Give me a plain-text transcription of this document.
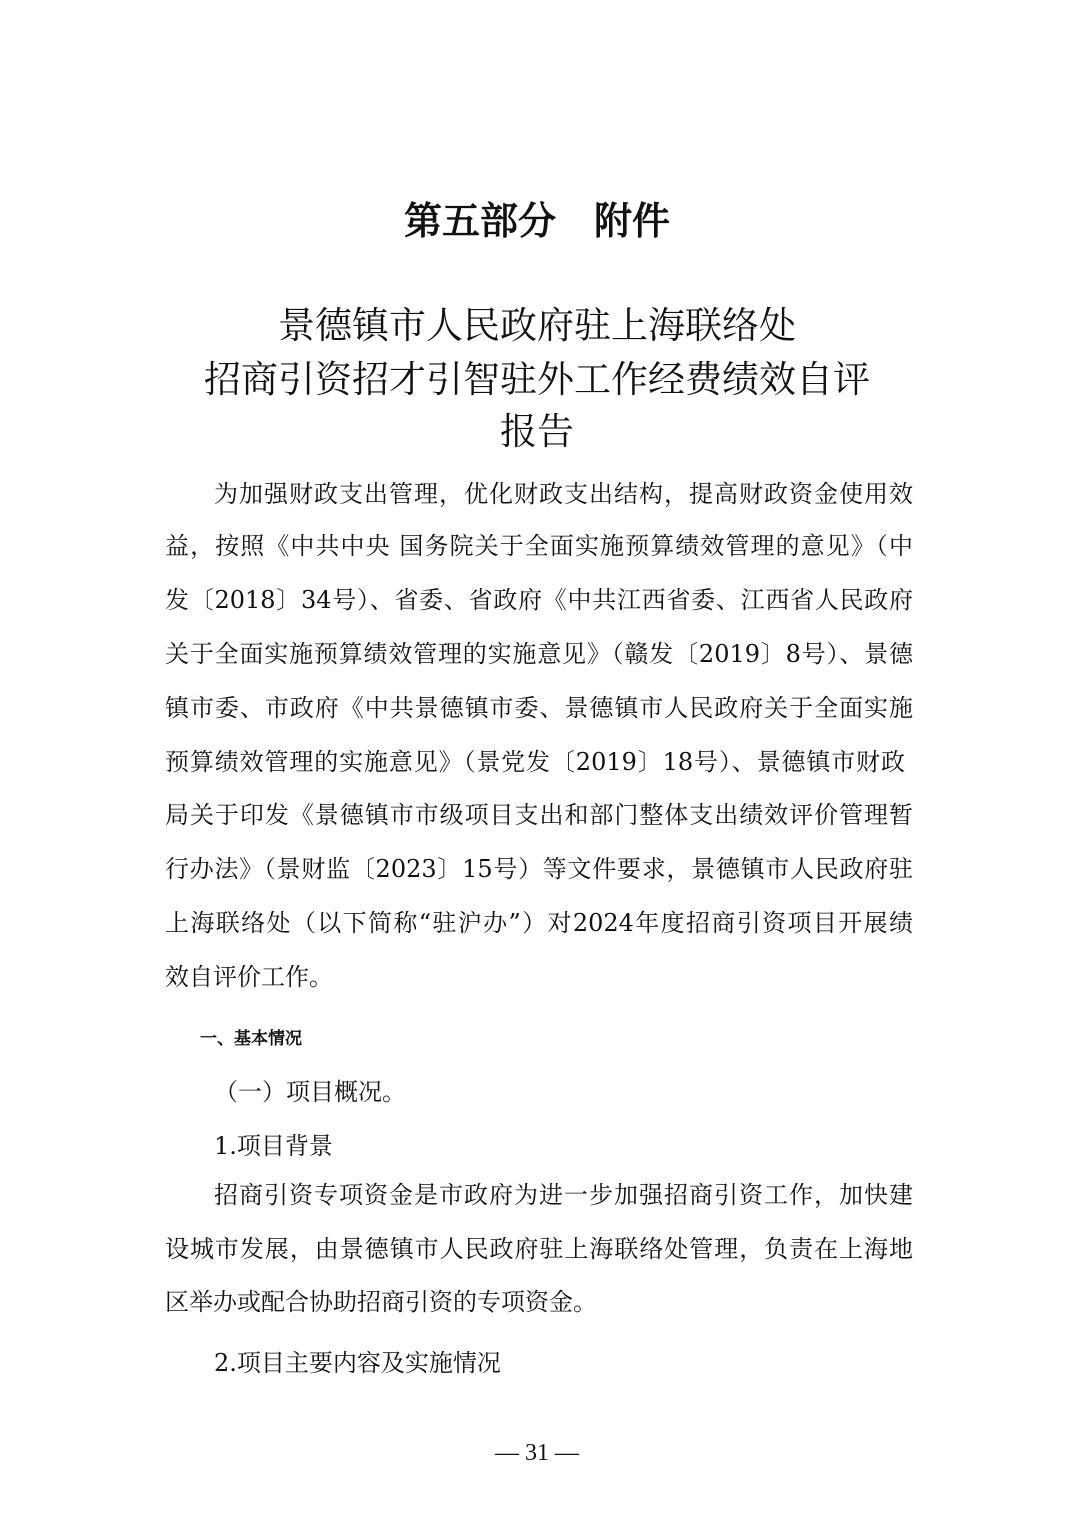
第五部分　附件
景德镇市人民政府驻上海联络处
招商引资招才引智驻外工作经费绩效自评
报告
为加强财政支出管理，优化财政支出结构，提高财政资金使用效
益，按照《中共中央 国务院关于全面实施预算绩效管理的意见》（中
发〔2018〕34号）、省委、省政府《中共江西省委、江西省人民政府
关于全面实施预算绩效管理的实施意见》（赣发〔2019〕8号）、景德
镇市委、市政府《中共景德镇市委、景德镇市人民政府关于全面实施
预算绩效管理的实施意见》（景党发〔2019〕18号）、景德镇市财政
局关于印发《景德镇市市级项目支出和部门整体支出绩效评价管理暂
行办法》（景财监〔2023〕15号）等文件要求，景德镇市人民政府驻
上海联络处（以下简称“驻沪办”）对2024年度招商引资项目开展绩
效自评价工作。
一、基本情况
（一）项目概况。
1.项目背景
招商引资专项资金是市政府为进一步加强招商引资工作，加快建
设城市发展，由景德镇市人民政府驻上海联络处管理，负责在上海地
区举办或配合协助招商引资的专项资金。
2.项目主要内容及实施情况
— 31 —
